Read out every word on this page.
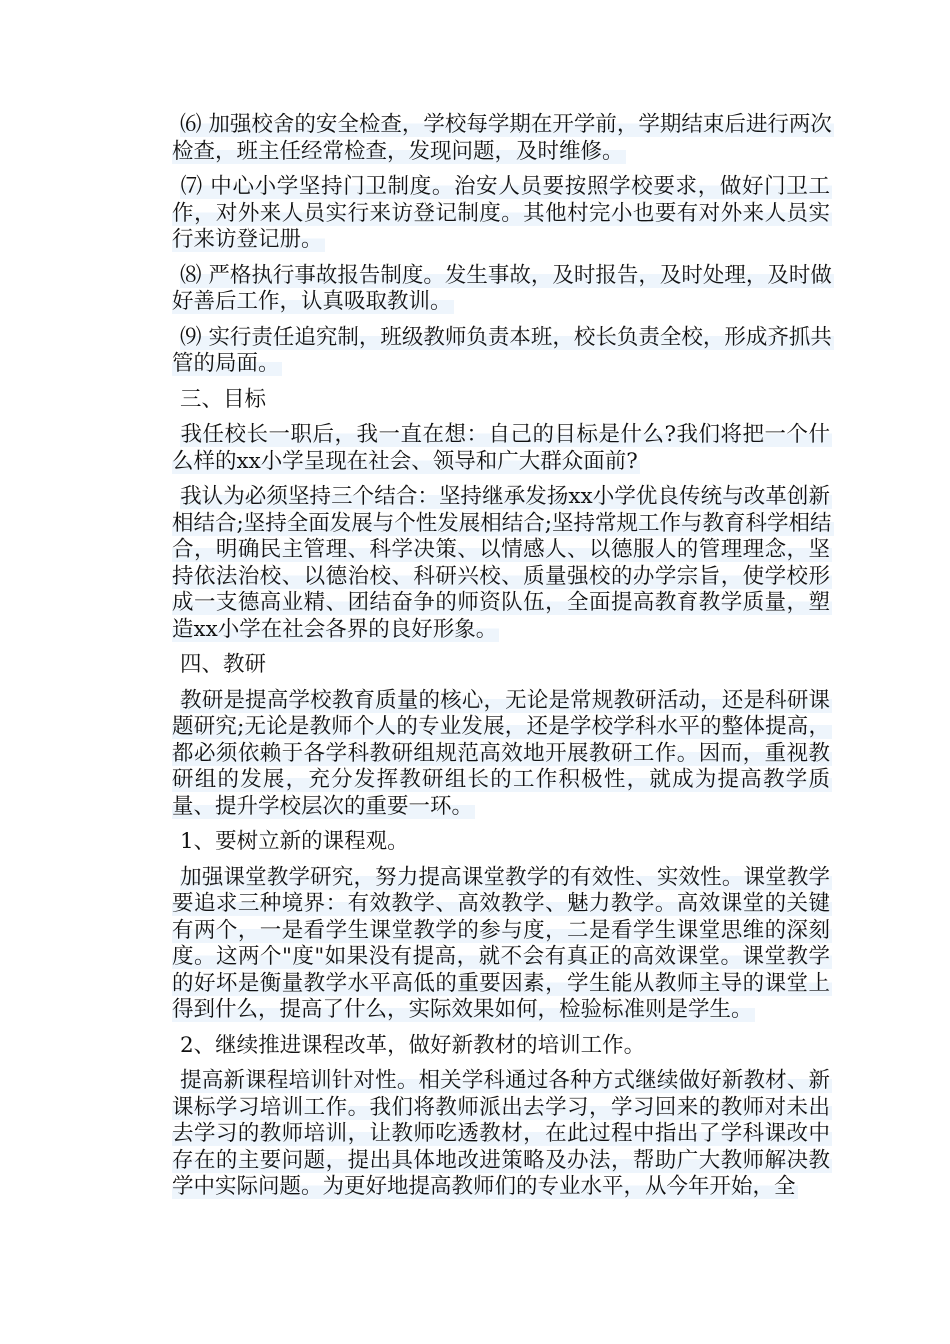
⑹ 加强校舍的安全检查，学校每学期在开学前，学期结束后进行两次检查，班主任经常检查，发现问题，及时维修。

⑺ 中心小学坚持门卫制度。治安人员要按照学校要求，做好门卫工作，对外来人员实行来访登记制度。其他村完小也要有对外来人员实行来访登记册。

⑻ 严格执行事故报告制度。发生事故，及时报告，及时处理，及时做好善后工作，认真吸取教训。

⑼ 实行责任追究制，班级教师负责本班，校长负责全校，形成齐抓共管的局面。

三、目标

我任校长一职后，我一直在想：自己的目标是什么?我们将把一个什么样的xx小学呈现在社会、领导和广大群众面前?

我认为必须坚持三个结合：坚持继承发扬xx小学优良传统与改革创新相结合;坚持全面发展与个性发展相结合;坚持常规工作与教育科学相结合，明确民主管理、科学决策、以情感人、以德服人的管理理念，坚持依法治校、以德治校、科研兴校、质量强校的办学宗旨，使学校形成一支德高业精、团结奋争的师资队伍，全面提高教育教学质量，塑造xx小学在社会各界的良好形象。

四、教研

教研是提高学校教育质量的核心，无论是常规教研活动，还是科研课题研究;无论是教师个人的专业发展，还是学校学科水平的整体提高，都必须依赖于各学科教研组规范高效地开展教研工作。因而，重视教研组的发展，充分发挥教研组长的工作积极性，就成为提高教学质量、提升学校层次的重要一环。

1、要树立新的课程观。

加强课堂教学研究，努力提高课堂教学的有效性、实效性。课堂教学要追求三种境界：有效教学、高效教学、魅力教学。高效课堂的关键有两个，一是看学生课堂教学的参与度，二是看学生课堂思维的深刻度。这两个"度"如果没有提高，就不会有真正的高效课堂。课堂教学的好坏是衡量教学水平高低的重要因素，学生能从教师主导的课堂上得到什么，提高了什么，实际效果如何，检验标准则是学生。

2、继续推进课程改革，做好新教材的培训工作。

提高新课程培训针对性。相关学科通过各种方式继续做好新教材、新课标学习培训工作。我们将教师派出去学习，学习回来的教师对未出去学习的教师培训，让教师吃透教材，在此过程中指出了学科课改中存在的主要问题，提出具体地改进策略及办法，帮助广大教师解决教学中实际问题。为更好地提高教师们的专业水平，从今年开始，全
